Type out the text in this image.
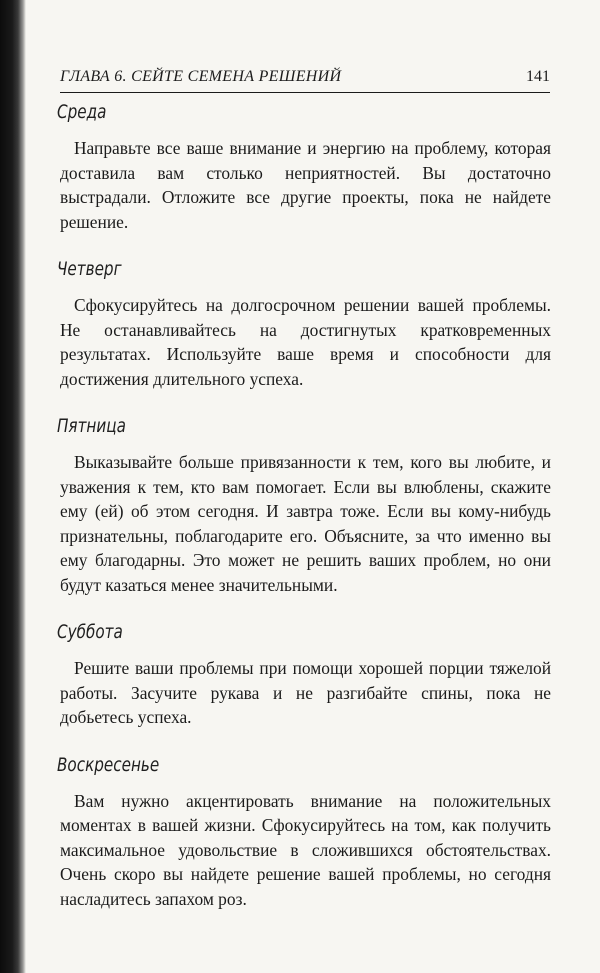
ГЛАВА 6. СЕЙТЕ СЕМЕНА РЕШЕНИЙ	141
Среда

Направьте все ваше внимание и энергию на проблему, которая доставила вам столько неприятностей. Вы достаточно выстрадали. Отложите все другие проекты, пока не найдете решение.

Четверг

Сфокусируйтесь на долгосрочном решении вашей проблемы. Не останавливайтесь на достигнутых кратковременных результатах. Используйте ваше время и способности для достижения длительного успеха.

Пятница

Выказывайте больше привязанности к тем, кого вы любите, и уважения к тем, кто вам помогает. Если вы влюблены, скажите ему (ей) об этом сегодня. И завтра тоже. Если вы кому-нибудь признательны, поблагодарите его. Объясните, за что именно вы ему благодарны. Это может не решить ваших проблем, но они будут казаться менее значительными.

Суббота

Решите ваши проблемы при помощи хорошей порции тяжелой работы. Засучите рукава и не разгибайте спины, пока не добьетесь успеха.

Воскресенье

Вам нужно акцентировать внимание на положительных моментах в вашей жизни. Сфокусируйтесь на том, как получить максимальное удовольствие в сложившихся обстоятельствах. Очень скоро вы найдете решение вашей проблемы, но сегодня насладитесь запахом роз.
